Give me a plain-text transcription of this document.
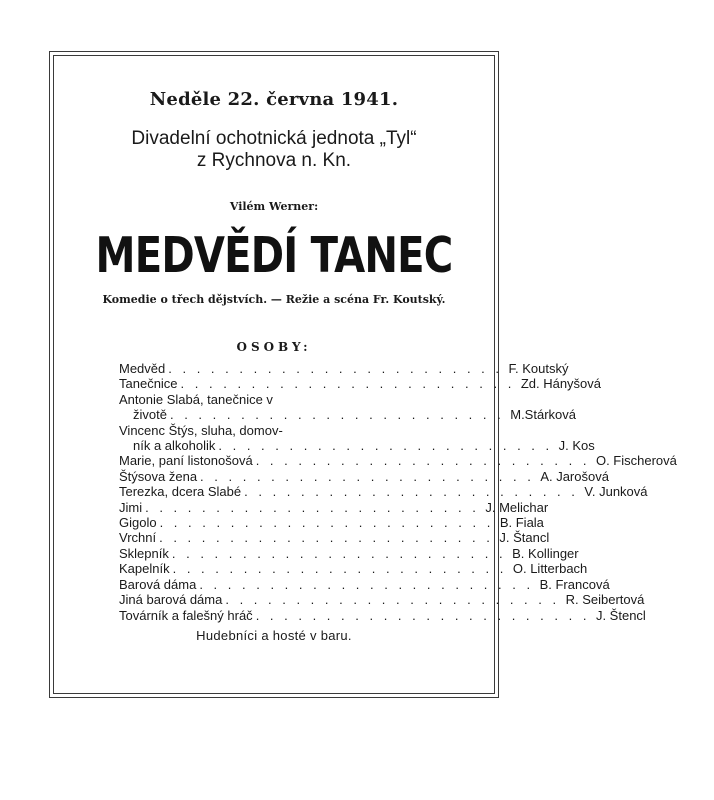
Neděle 22. června 1941.
Divadelní ochotnická jednota „Tyl“
z Rychnova n. Kn.
Vilém Werner:
MEDVĚDÍ TANEC
Komedie o třech dějstvích. — Režie a scéna Fr. Koutský.
OSOBY:
Medvěd . . . . . . . . . . . . . . . . . . . . . . . . F. Koutský
Tanečnice . . . . . . . . . . . . . . . . . . . . . . . . Zd. Hányšová
Antonie Slabá, tanečnice v
životě . . . . . . . . . . . . . . . . . . . . . . . . M.Stárková
Vincenc Štýs, sluha, domov-
ník a alkoholik . . . . . . . . . . . . . . . . . . . . . . . . J. Kos
Marie, paní listonošová . . . . . . . . . . . . . . . . . . . . . . . . O. Fischerová
Štýsova žena . . . . . . . . . . . . . . . . . . . . . . . . A. Jarošová
Terezka, dcera Slabé . . . . . . . . . . . . . . . . . . . . . . . . V. Junková
Jimi . . . . . . . . . . . . . . . . . . . . . . . . J. Melichar
Gigolo . . . . . . . . . . . . . . . . . . . . . . . . B. Fiala
Vrchní . . . . . . . . . . . . . . . . . . . . . . . . J. Štancl
Sklepník . . . . . . . . . . . . . . . . . . . . . . . . B. Kollinger
Kapelník . . . . . . . . . . . . . . . . . . . . . . . . O. Litterbach
Barová dáma . . . . . . . . . . . . . . . . . . . . . . . . B. Francová
Jiná barová dáma . . . . . . . . . . . . . . . . . . . . . . . . R. Seibertová
Továrník a falešný hráč . . . . . . . . . . . . . . . . . . . . . . . . J. Štencl
Hudebníci a hosté v baru.
